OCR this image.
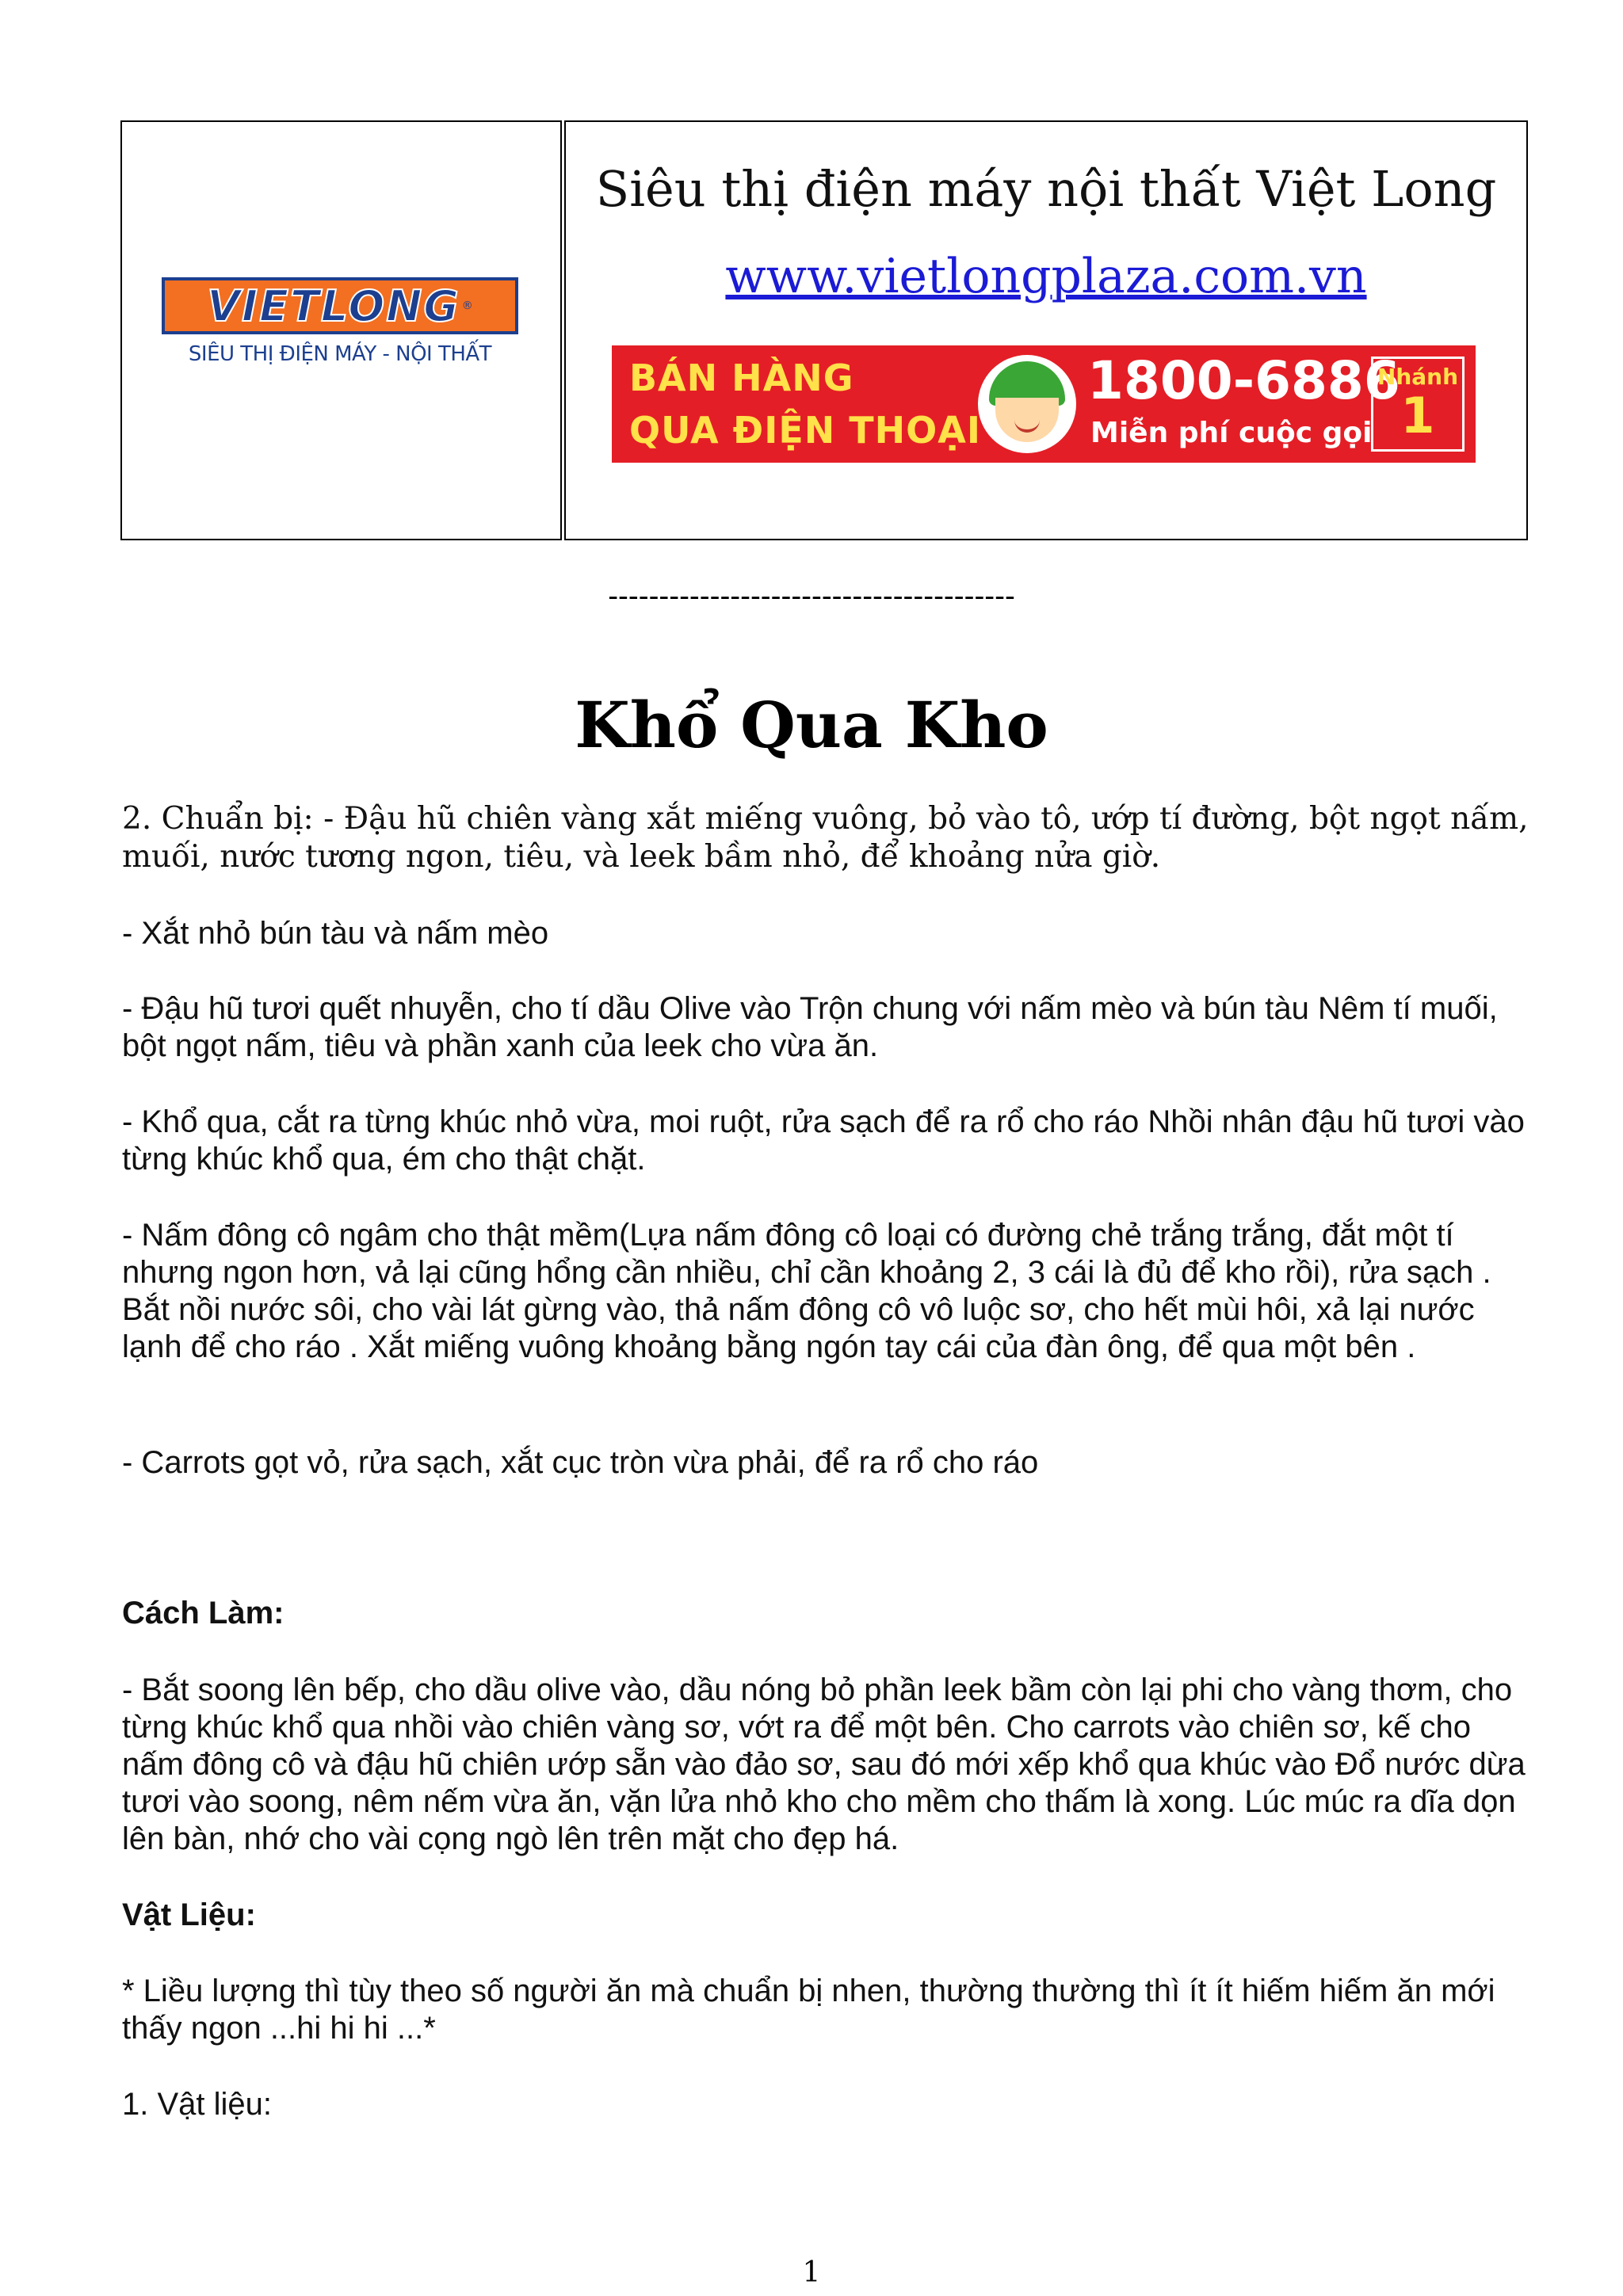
VIETLONG ®
SIÊU THỊ ĐIỆN MÁY - NỘI THẤT
Siêu thị điện máy nội thất Việt Long
www.vietlongplaza.com.vn
BÁN HÀNG
QUA ĐIỆN THOẠI
1800-6886
Miễn phí cuộc gọi
Nhánh
1
----------------------------------------
Khổ Qua Kho
2. Chuẩn bị: - Đậu hũ chiên vàng xắt miếng vuông, bỏ vào tô, ướp tí đường, bột ngọt nấm, muối, nước tương ngon, tiêu, và leek bầm nhỏ, để khoảng nửa giờ.
- Xắt nhỏ bún tàu và nấm mèo
- Đậu hũ tươi quết nhuyễn, cho tí dầu Olive vào Trộn chung với nấm mèo và bún tàu Nêm tí muối, bột ngọt nấm, tiêu và phần xanh của leek cho vừa ăn.
- Khổ qua, cắt ra từng khúc nhỏ vừa, moi ruột, rửa sạch để ra rổ cho ráo Nhồi nhân đậu hũ tươi vào từng khúc khổ qua, ém cho thật chặt.
- Nấm đông cô ngâm cho thật mềm(Lựa nấm đông cô loại có đường chẻ trắng trắng, đắt một tí nhưng ngon hơn, vả lại cũng hổng cần nhiều, chỉ cần khoảng 2, 3 cái là đủ để kho rồi), rửa sạch . Bắt nồi nước sôi, cho vài lát gừng vào, thả nấm đông cô vô luộc sơ, cho hết mùi hôi, xả lại nước lạnh để cho ráo . Xắt miếng vuông khoảng bằng ngón tay cái của đàn ông, để qua một bên .
- Carrots gọt vỏ, rửa sạch, xắt cục tròn vừa phải, để ra rổ cho ráo
Cách Làm:
- Bắt soong lên bếp, cho dầu olive vào, dầu nóng bỏ phần leek bầm còn lại phi cho vàng thơm, cho từng khúc khổ qua nhồi vào chiên vàng sơ, vớt ra để một bên. Cho carrots vào chiên sơ, kế cho nấm đông cô và đậu hũ chiên ướp sẵn vào đảo sơ, sau đó mới xếp khổ qua khúc vào Đổ nước dừa tươi vào soong, nêm nếm vừa ăn, vặn lửa nhỏ kho cho mềm cho thấm là xong. Lúc múc ra dĩa dọn lên bàn, nhớ cho vài cọng ngò lên trên mặt cho đẹp há.
Vật Liệu:
* Liều lượng thì tùy theo số người ăn mà chuẩn bị nhen, thường thường thì ít ít hiếm hiếm ăn mới thấy ngon ...hi hi hi ...*
1. Vật liệu:
1
